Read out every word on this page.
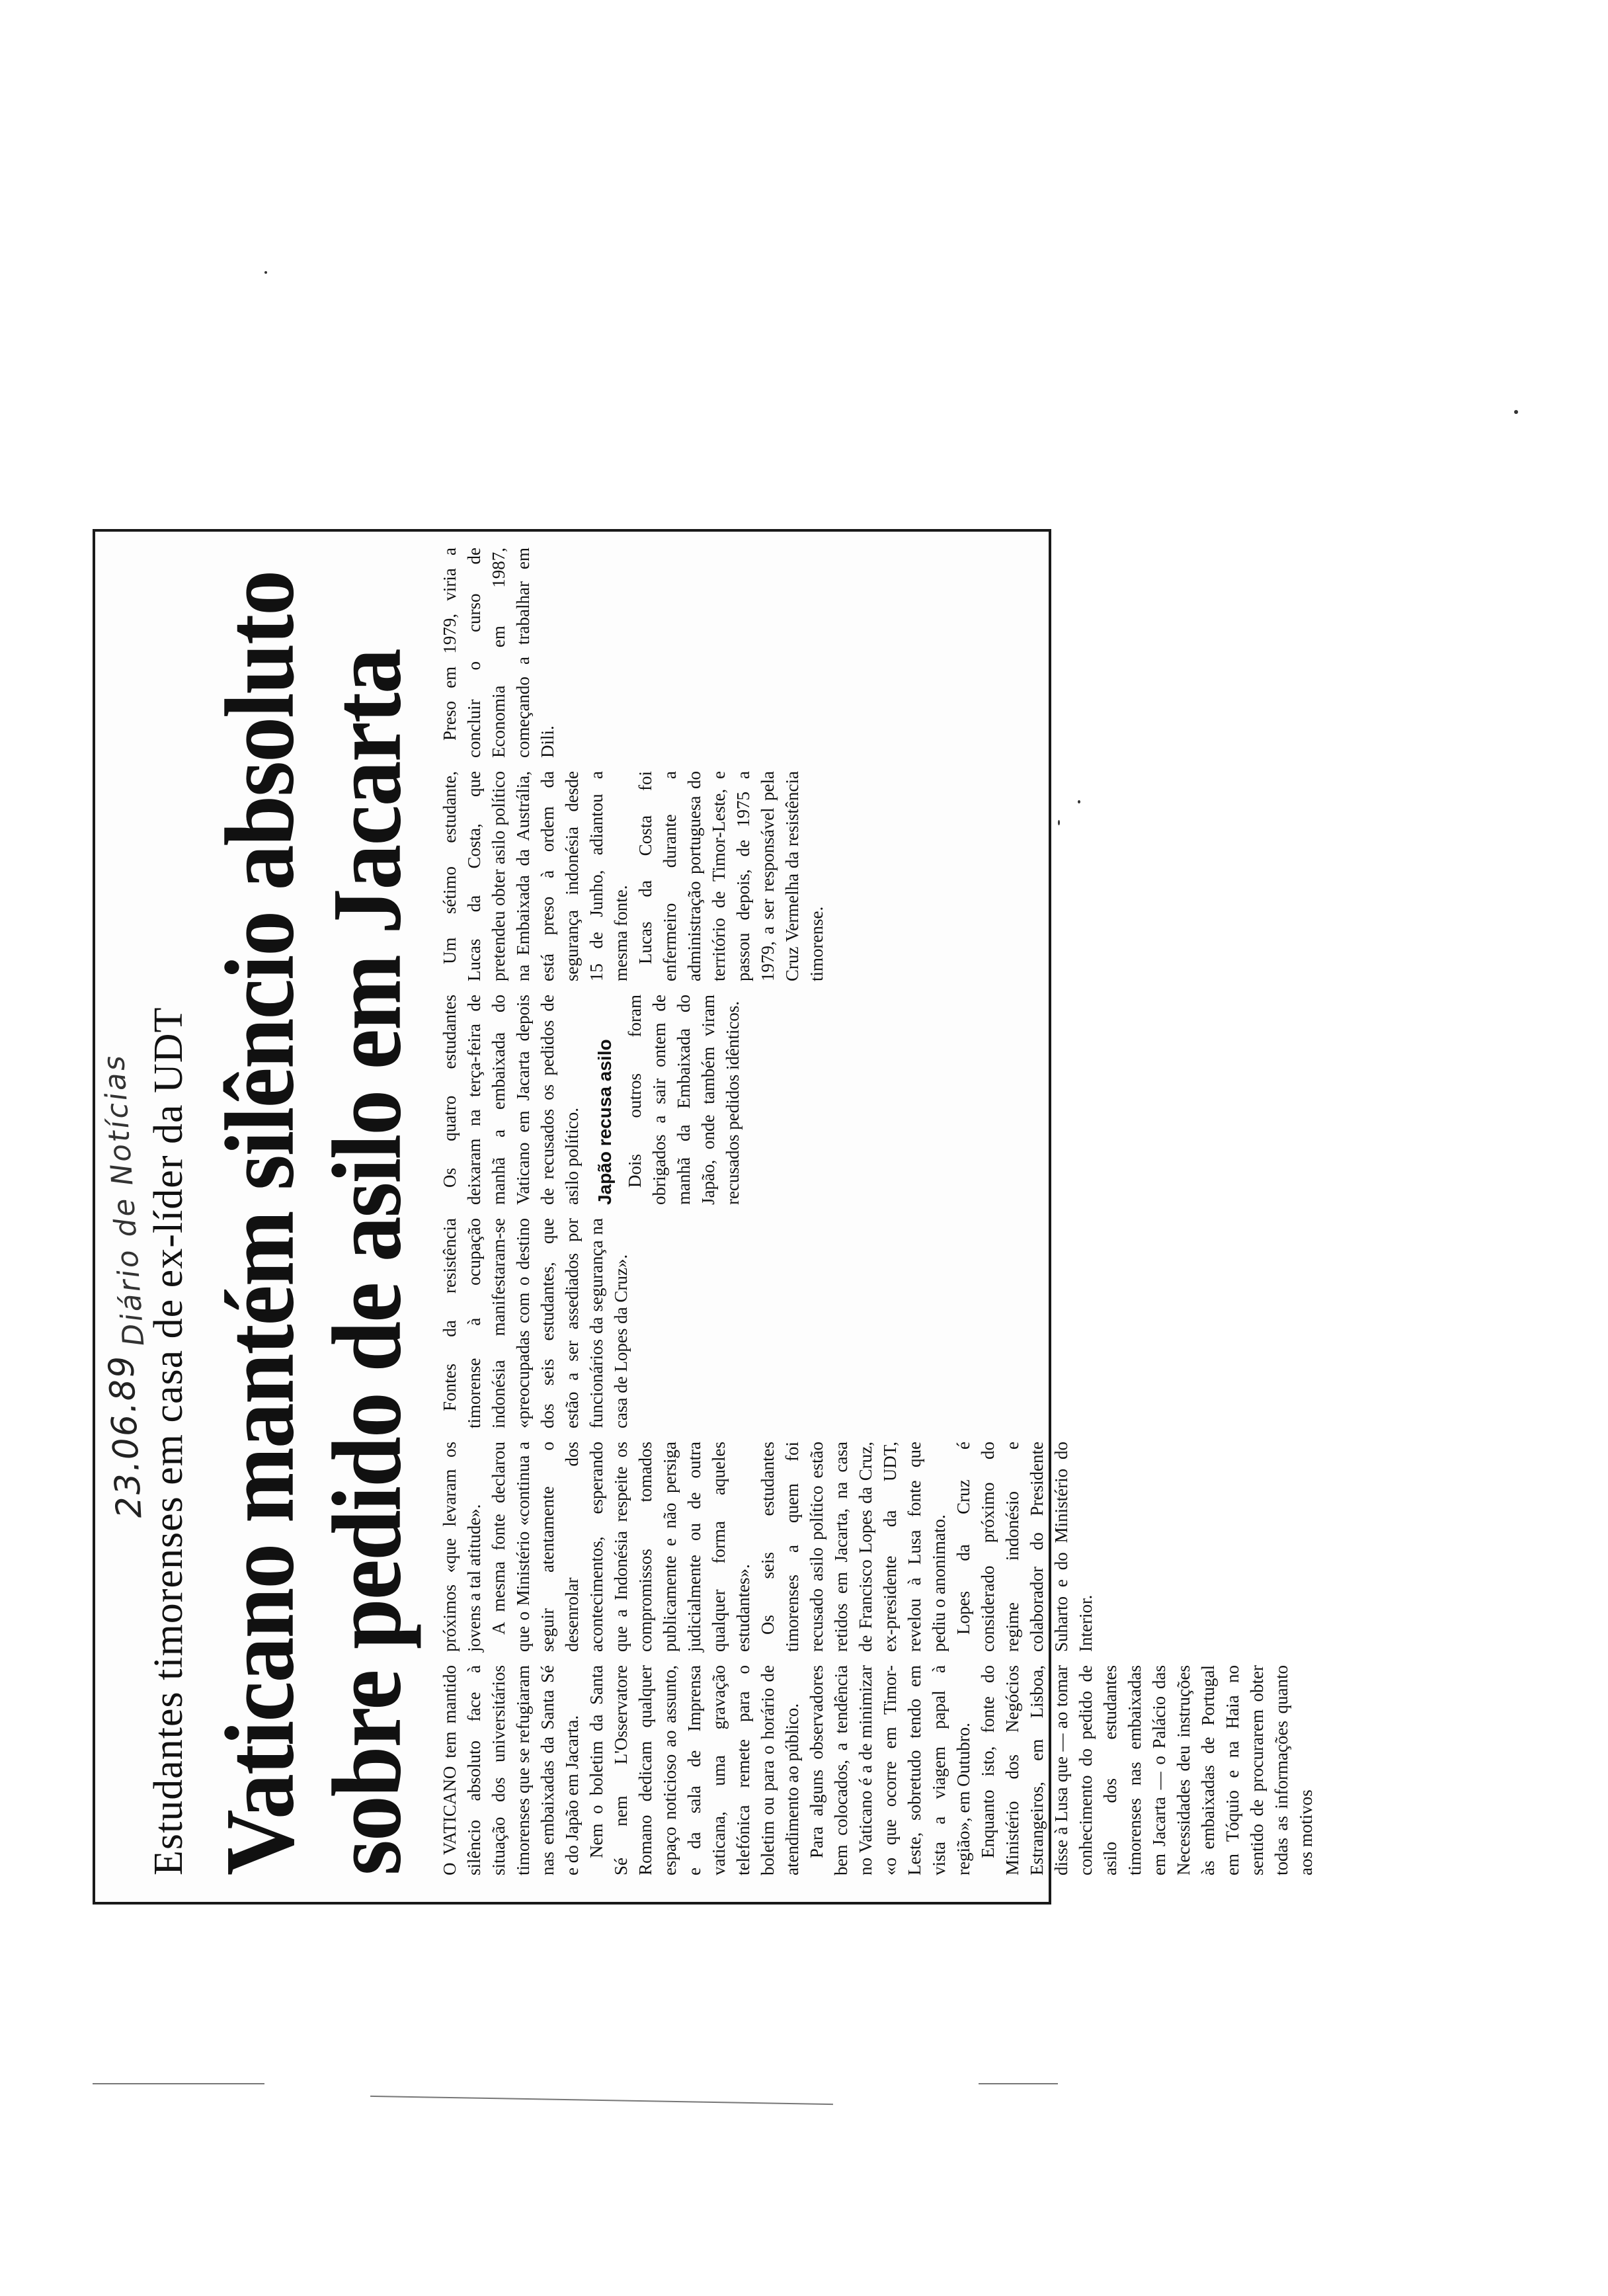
23.06.89
Diário de Notícias
Estudantes timorenses em casa de ex-líder da UDT Vaticano mantém silêncio absoluto
sobre pedido de asilo em Jacarta O VATICANO tem mantido silêncio absoluto face à situação dos universitários timorenses que se refugiaram nas embaixadas da Santa Sé e do Japão em Jacarta. Nem o boletim da Santa Sé nem L'Osservatore Romano dedicam qualquer espaço noticioso ao assunto, e da sala de Imprensa vaticana, uma gravação telefónica remete para o boletim ou para o horário de atendimento ao público. Para alguns observadores bem colocados, a tendência no Vaticano é a de minimizar «o que ocorre em Timor-Leste, sobretudo tendo em vista a viagem papal à região», em Outubro. Enquanto isto, fonte do Ministério dos Negócios Estrangeiros, em Lisboa, disse à Lusa que — ao tomar conhecimento do pedido de asilo dos estudantes timorenses nas embaixadas em Jacarta — o Palácio das Necessidades deu instruções às embaixadas de Portugal em Tóquio e na Haia no sentido de procurarem obter todas as informações quanto aos motivos

próximos «que levaram os jovens a tal atitude». A mesma fonte declarou que o Ministério «continua a seguir atentamente o desenrolar dos acontecimentos, esperando que a Indonésia respeite os compromissos tomados publicamente e não persiga judicialmente ou de outra qualquer forma aqueles estudantes». Os seis estudantes timorenses a quem foi recusado asilo político estão retidos em Jacarta, na casa de Francisco Lopes da Cruz, ex-presidente da UDT, revelou à Lusa fonte que pediu o anonimato. Lopes da Cruz é considerado próximo do regime indonésio e colaborador do Presidente Suharto e do Ministério do Interior.

Fontes da resistência timorense à ocupação indonésia manifestaram-se «preocupadas com o destino dos seis estudantes, que estão a ser assediados por funcionários da segurança na casa de Lopes da Cruz».

Os quatro estudantes deixaram na terça-feira de manhã a embaixada do Vaticano em Jacarta depois de recusados os pedidos de asilo político. Japão recusa asilo Dois outros foram obrigados a sair ontem de manhã da Embaixada do Japão, onde também viram recusados pedidos idênticos.

Um sétimo estudante, Lucas da Costa, que pretendeu obter asilo político na Embaixada da Austrália, está preso à ordem da segurança indonésia desde 15 de Junho, adiantou a mesma fonte. Lucas da Costa foi enfermeiro durante a administração portuguesa do território de Timor-Leste, e passou depois, de 1975 a 1979, a ser responsável pela Cruz Vermelha da resistência timorense.

Preso em 1979, viria a concluir o curso de Economia em 1987, começando a trabalhar em Dili.
